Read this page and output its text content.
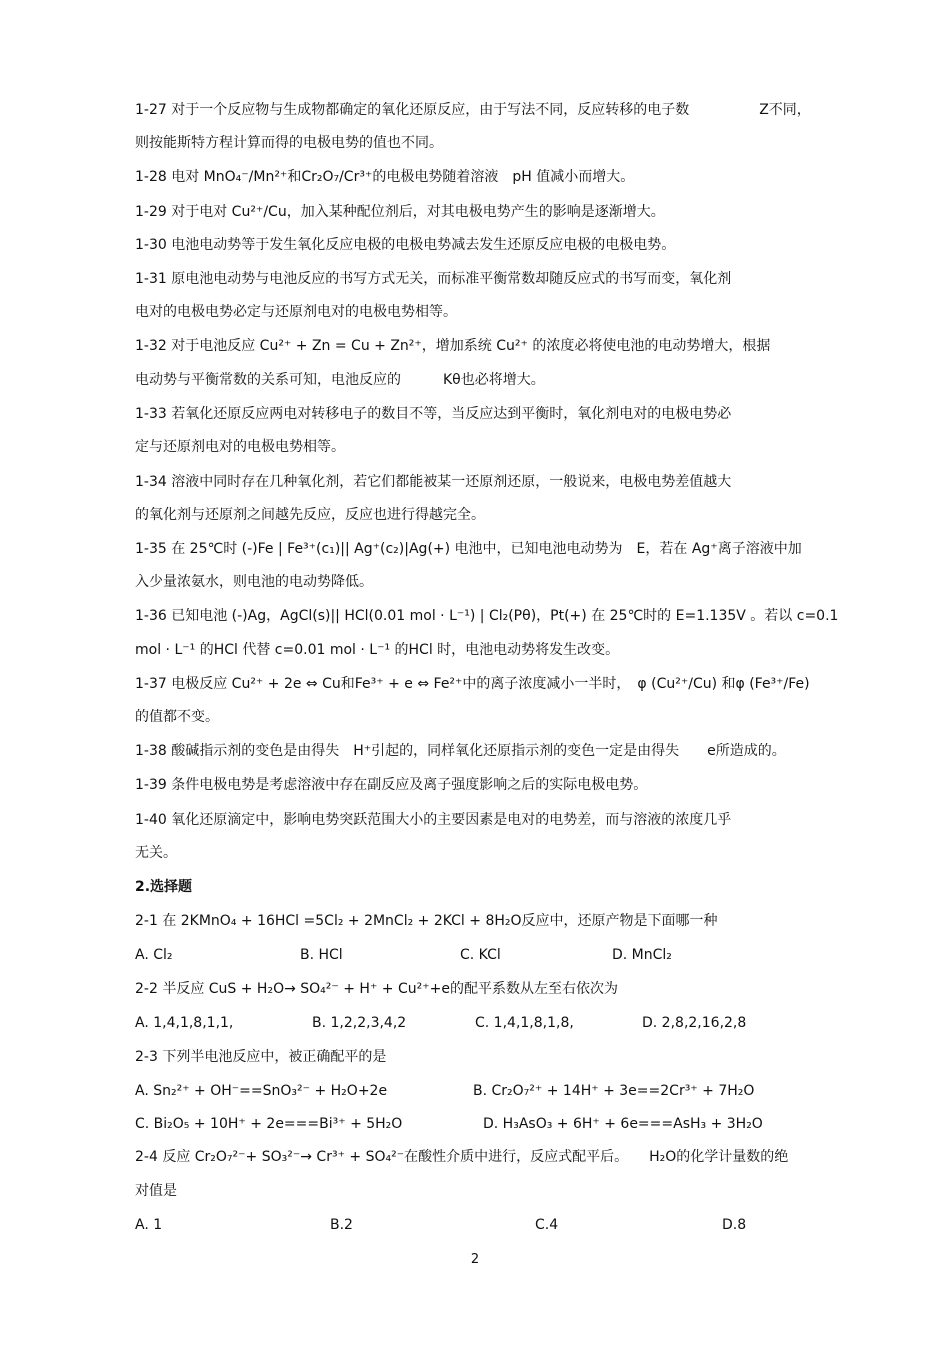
1-27 对于一个反应物与生成物都确定的氧化还原反应，由于写法不同，反应转移的电子数　　　　　Z不同，
则按能斯特方程计算而得的电极电势的值也不同。
1-28 电对 MnO₄⁻/Mn²⁺和Cr₂O₇/Cr³⁺的电极电势随着溶液　pH 值减小而增大。
1-29 对于电对 Cu²⁺/Cu，加入某种配位剂后，对其电极电势产生的影响是逐渐增大。
1-30 电池电动势等于发生氧化反应电极的电极电势减去发生还原反应电极的电极电势。
1-31 原电池电动势与电池反应的书写方式无关，而标准平衡常数却随反应式的书写而变，氧化剂
电对的电极电势必定与还原剂电对的电极电势相等。
1-32 对于电池反应 Cu²⁺ + Zn = Cu + Zn²⁺，增加系统 Cu²⁺ 的浓度必将使电池的电动势增大，根据
电动势与平衡常数的关系可知，电池反应的　　　Kθ也必将增大。
1-33 若氧化还原反应两电对转移电子的数目不等，当反应达到平衡时，氧化剂电对的电极电势必
定与还原剂电对的电极电势相等。
1-34 溶液中同时存在几种氧化剂，若它们都能被某一还原剂还原，一般说来，电极电势差值越大
的氧化剂与还原剂之间越先反应，反应也进行得越完全。
1-35 在 25℃时 (-)Fe | Fe³⁺(c₁)|| Ag⁺(c₂)|Ag(+) 电池中，已知电池电动势为　E，若在 Ag⁺离子溶液中加
入少量浓氨水，则电池的电动势降低。
1-36 已知电池 (-)Ag，AgCl(s)|| HCl(0.01 mol · L⁻¹) | Cl₂(Pθ)，Pt(+) 在 25℃时的 E=1.135V 。若以 c=0.1
mol · L⁻¹ 的HCl 代替 c=0.01 mol · L⁻¹ 的HCl 时，电池电动势将发生改变。
1-37 电极反应 Cu²⁺ + 2e ⇔ Cu和Fe³⁺ + e ⇔ Fe²⁺中的离子浓度减小一半时，　φ (Cu²⁺/Cu) 和φ (Fe³⁺/Fe)
的值都不变。
1-38 酸碱指示剂的变色是由得失　H⁺引起的，同样氧化还原指示剂的变色一定是由得失　　e所造成的。
1-39 条件电极电势是考虑溶液中存在副反应及离子强度影响之后的实际电极电势。
1-40 氧化还原滴定中，影响电势突跃范围大小的主要因素是电对的电势差，而与溶液的浓度几乎
无关。
2.选择题
2-1 在 2KMnO₄ + 16HCl =5Cl₂ + 2MnCl₂ + 2KCl + 8H₂O反应中，还原产物是下面哪一种
2-2 半反应 CuS + H₂O→ SO₄²⁻ + H⁺ + Cu²⁺+e的配平系数从左至右依次为
2-3 下列半电池反应中，被正确配平的是
2-4 反应 Cr₂O₇²⁻+ SO₃²⁻→ Cr³⁺ + SO₄²⁻在酸性介质中进行，反应式配平后。　　H₂O的化学计量数的绝
对值是
A. Cl₂	B. HCl	C. KCl	D. MnCl₂
A. 1,4,1,8,1,1,	B. 1,2,2,3,4,2	C. 1,4,1,8,1,8,	D. 2,8,2,16,2,8
A. Sn₂²⁺ + OH⁻==SnO₃²⁻ + H₂O+2e	B. Cr₂O₇²⁺ + 14H⁺ + 3e==2Cr³⁺ + 7H₂O
C. Bi₂O₅ + 10H⁺ + 2e===Bi³⁺ + 5H₂O	D. H₃AsO₃ + 6H⁺ + 6e===AsH₃ + 3H₂O
A. 1	B.2	C.4	D.8
2
